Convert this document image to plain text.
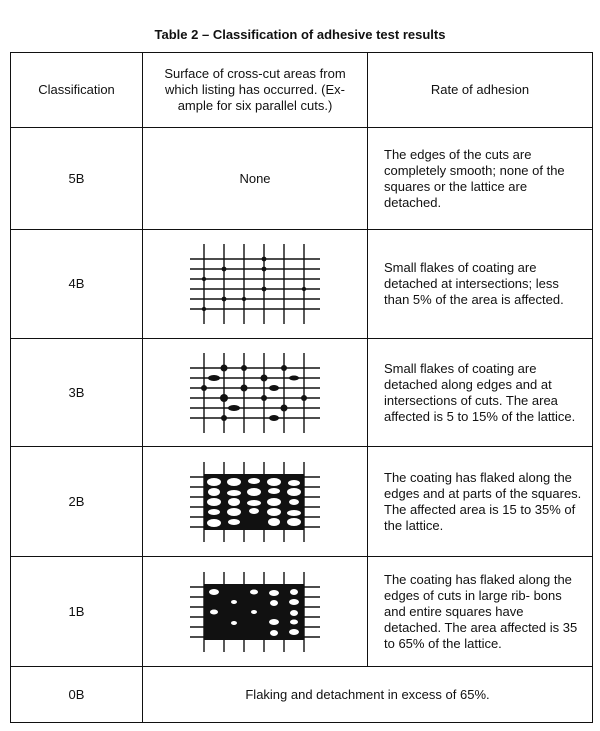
Table 2 – Classification of adhesive test results
Classification	Surface of cross-cut areas from which listing has occurred. (Ex- ample for six parallel cuts.)	Rate of adhesion
5B	None	The edges of the cuts are completely smooth; none of the squares or the lattice are detached.
4B		Small flakes of coating are detached at intersections; less than 5% of the area is affected.
3B		Small flakes of coating are detached along edges and at intersections of cuts. The area affected is 5 to 15% of the lattice.
2B		The coating has flaked along the edges and at parts of the squares. The affected area is 15 to 35% of the lattice.
1B		The coating has flaked along the edges of cuts in large rib- bons and entire squares have detached. The area affected is 35 to 65% of the lattice.
0B	Flaking and detachment in excess of 65%.	
